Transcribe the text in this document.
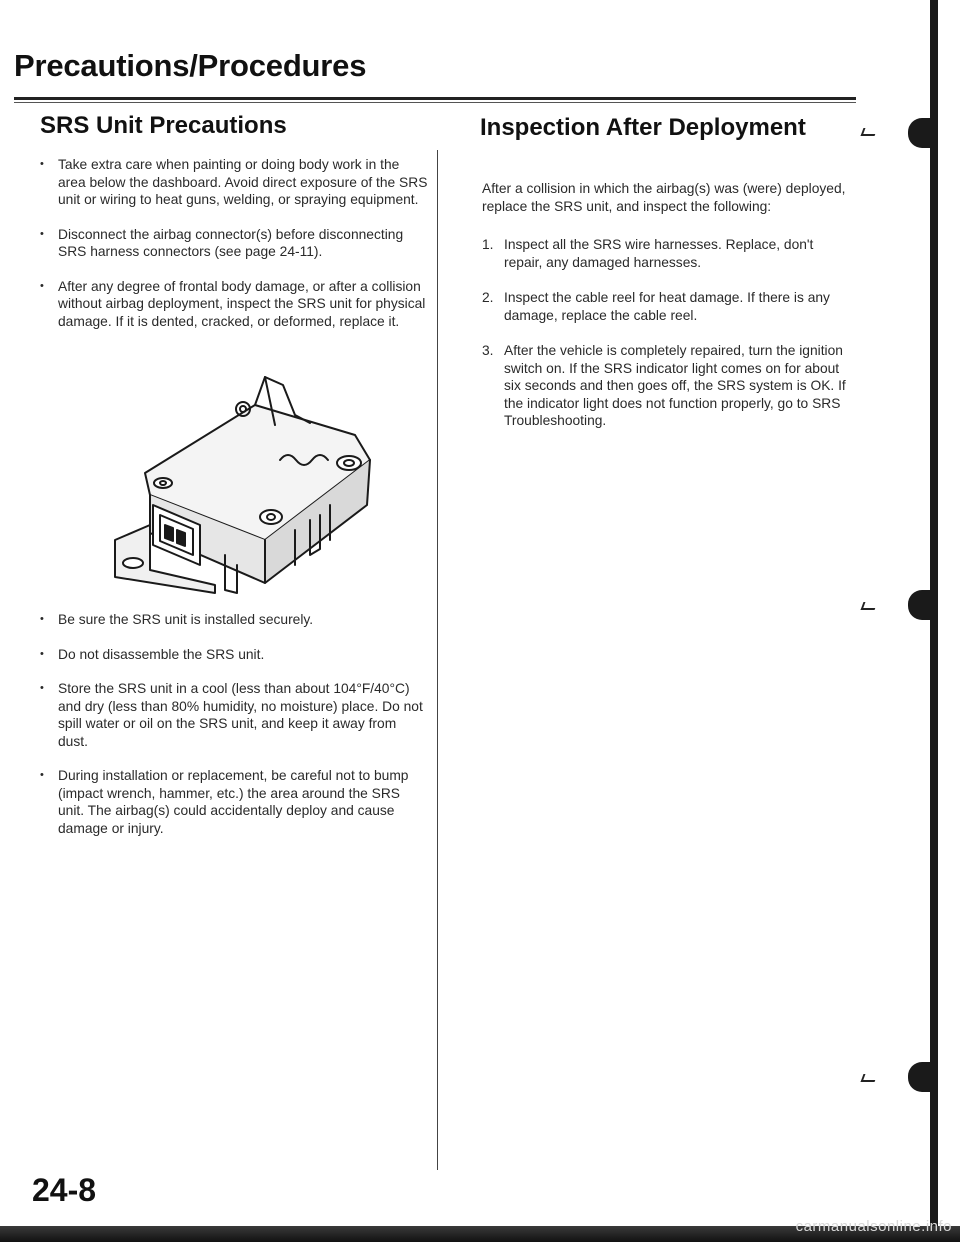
Precautions/Procedures
SRS Unit Precautions
• Take extra care when painting or doing body work in the area below the dashboard. Avoid direct exposure of the SRS unit or wiring to heat guns, welding, or spraying equipment.
• Disconnect the airbag connector(s) before disconnecting SRS harness connectors (see page 24-11).
• After any degree of frontal body damage, or after a collision without airbag deployment, inspect the SRS unit for physical damage. If it is dented, cracked, or deformed, replace it.
• Be sure the SRS unit is installed securely.
• Do not disassemble the SRS unit.
• Store the SRS unit in a cool (less than about 104°F/40°C) and dry (less than 80% humidity, no moisture) place. Do not spill water or oil on the SRS unit, and keep it away from dust.
• During installation or replacement, be careful not to bump (impact wrench, hammer, etc.) the area around the SRS unit. The airbag(s) could accidentally deploy and cause damage or injury.
Inspection After Deployment

After a collision in which the airbag(s) was (were) deployed, replace the SRS unit, and inspect the following:

1. Inspect all the SRS wire harnesses. Replace, don't repair, any damaged harnesses.
2. Inspect the cable reel for heat damage. If there is any damage, replace the cable reel.
3. After the vehicle is completely repaired, turn the ignition switch on. If the SRS indicator light comes on for about six seconds and then goes off, the SRS system is OK. If the indicator light does not function properly, go to SRS Troubleshooting.
24-8
carmanualsonline.info
